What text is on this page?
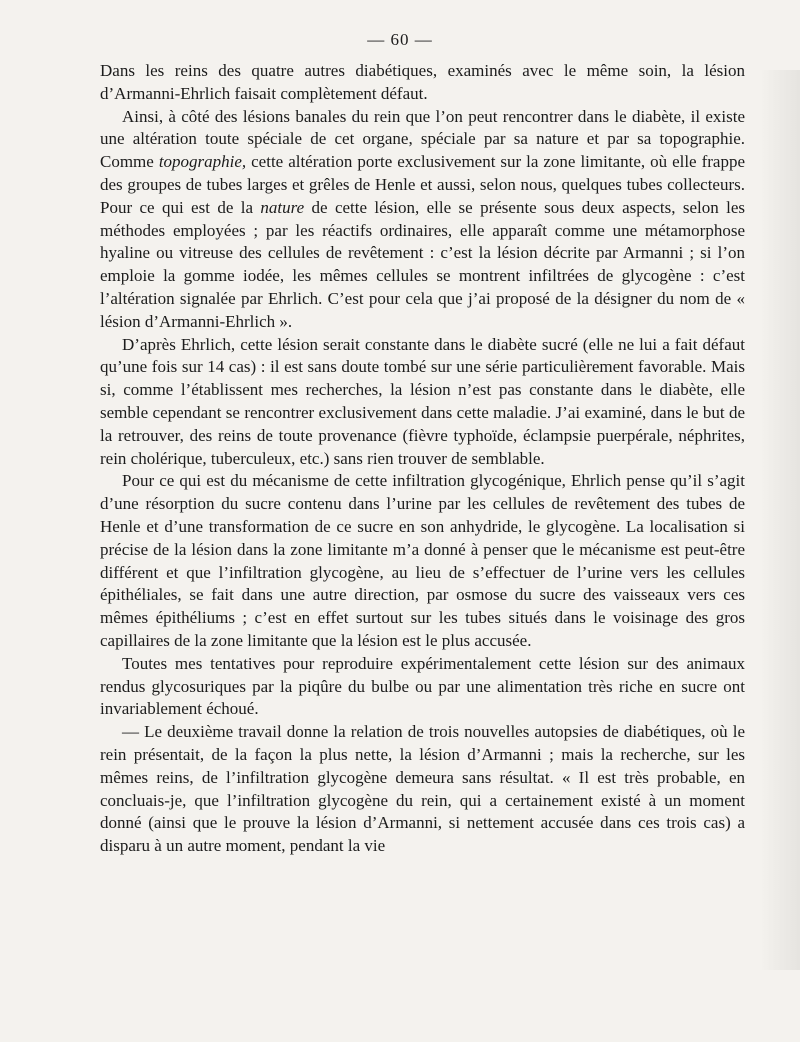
— 60 —

Dans les reins des quatre autres diabétiques, examinés avec le même soin, la lésion d’Armanni-Ehrlich faisait complètement défaut.

Ainsi, à côté des lésions banales du rein que l’on peut rencontrer dans le diabète, il existe une altération toute spéciale de cet organe, spéciale par sa nature et par sa topographie. Comme topographie, cette altération porte exclusivement sur la zone limitante, où elle frappe des groupes de tubes larges et grêles de Henle et aussi, selon nous, quelques tubes collecteurs. Pour ce qui est de la nature de cette lésion, elle se présente sous deux aspects, selon les méthodes employées ; par les réactifs ordinaires, elle apparaît comme une métamorphose hyaline ou vitreuse des cellules de revêtement : c’est la lésion décrite par Armanni ; si l’on emploie la gomme iodée, les mêmes cellules se montrent infiltrées de glycogène : c’est l’altération signalée par Ehrlich. C’est pour cela que j’ai proposé de la désigner du nom de « lésion d’Armanni-Ehrlich ».

D’après Ehrlich, cette lésion serait constante dans le diabète sucré (elle ne lui a fait défaut qu’une fois sur 14 cas) : il est sans doute tombé sur une série particulièrement favorable. Mais si, comme l’établissent mes recherches, la lésion n’est pas constante dans le diabète, elle semble cependant se rencontrer exclusivement dans cette maladie. J’ai examiné, dans le but de la retrouver, des reins de toute provenance (fièvre typhoïde, éclampsie puerpérale, néphrites, rein cholérique, tuberculeux, etc.) sans rien trouver de semblable.

Pour ce qui est du mécanisme de cette infiltration glycogénique, Ehrlich pense qu’il s’agit d’une résorption du sucre contenu dans l’urine par les cellules de revêtement des tubes de Henle et d’une transformation de ce sucre en son anhydride, le glycogène. La localisation si précise de la lésion dans la zone limitante m’a donné à penser que le mécanisme est peut-être différent et que l’infiltration glycogène, au lieu de s’effectuer de l’urine vers les cellules épithéliales, se fait dans une autre direction, par osmose du sucre des vaisseaux vers ces mêmes épithéliums ; c’est en effet surtout sur les tubes situés dans le voisinage des gros capillaires de la zone limitante que la lésion est le plus accusée.

Toutes mes tentatives pour reproduire expérimentalement cette lésion sur des animaux rendus glycosuriques par la piqûre du bulbe ou par une alimentation très riche en sucre ont invariablement échoué.

— Le deuxième travail donne la relation de trois nouvelles autopsies de diabétiques, où le rein présentait, de la façon la plus nette, la lésion d’Armanni ; mais la recherche, sur les mêmes reins, de l’infiltration glycogène demeura sans résultat. « Il est très probable, en concluais-je, que l’infiltration glycogène du rein, qui a certainement existé à un moment donné (ainsi que le prouve la lésion d’Armanni, si nettement accusée dans ces trois cas) a disparu à un autre moment, pendant la vie
